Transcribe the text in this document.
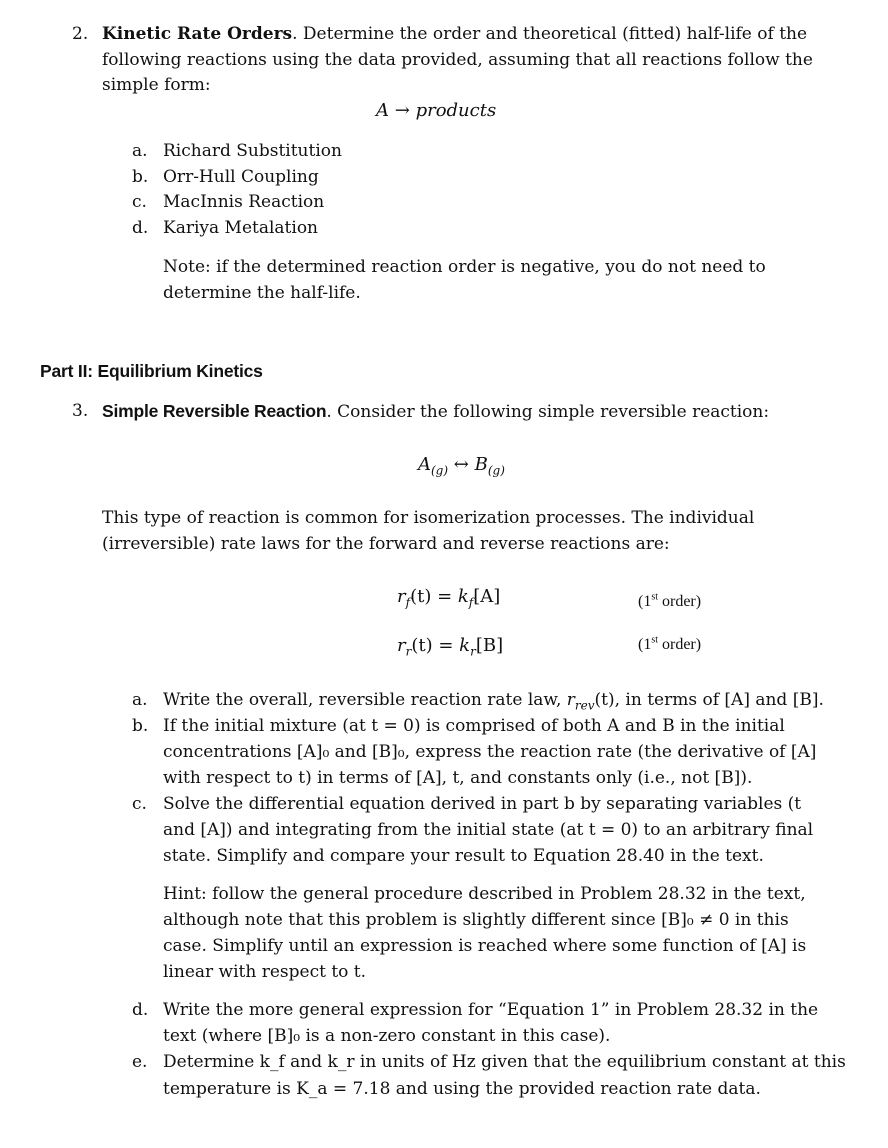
2. Kinetic Rate Orders. Determine the order and theoretical (fitted) half-life of the
following reactions using the data provided, assuming that all reactions follow the
simple form:
A → products
a. Richard Substitution
b. Orr-Hull Coupling
c. MacInnis Reaction
d. Kariya Metalation
Note: if the determined reaction order is negative, you do not need to
determine the half-life.
Part II: Equilibrium Kinetics
3. Simple Reversible Reaction. Consider the following simple reversible reaction:
$A_{(g)}$ ↔ $B_{(g)}$
This type of reaction is common for isomerization processes. The individual
(irreversible) rate laws for the forward and reverse reactions are:
$r_f(t) = k_f[A]$	(1st order)
$r_r(t) = k_r[B]$	(1st order)
a. Write the overall, reversible reaction rate law, $r_{rev}(t)$, in terms of [A] and [B].
b. If the initial mixture (at t = 0) is comprised of both A and B in the initial
concentrations [A]₀ and [B]₀, express the reaction rate (the derivative of [A]
with respect to t) in terms of [A], t, and constants only (i.e., not [B]).
c. Solve the differential equation derived in part b by separating variables (t
and [A]) and integrating from the initial state (at t = 0) to an arbitrary final
state. Simplify and compare your result to Equation 28.40 in the text.
Hint: follow the general procedure described in Problem 28.32 in the text,
although note that this problem is slightly different since [B]₀ ≠ 0 in this
case. Simplify until an expression is reached where some function of [A] is
linear with respect to t.
d. Write the more general expression for “Equation 1” in Problem 28.32 in the
text (where [B]₀ is a non-zero constant in this case).
e. Determine k_f and k_r in units of Hz given that the equilibrium constant at this
temperature is K_a = 7.18 and using the provided reaction rate data.
